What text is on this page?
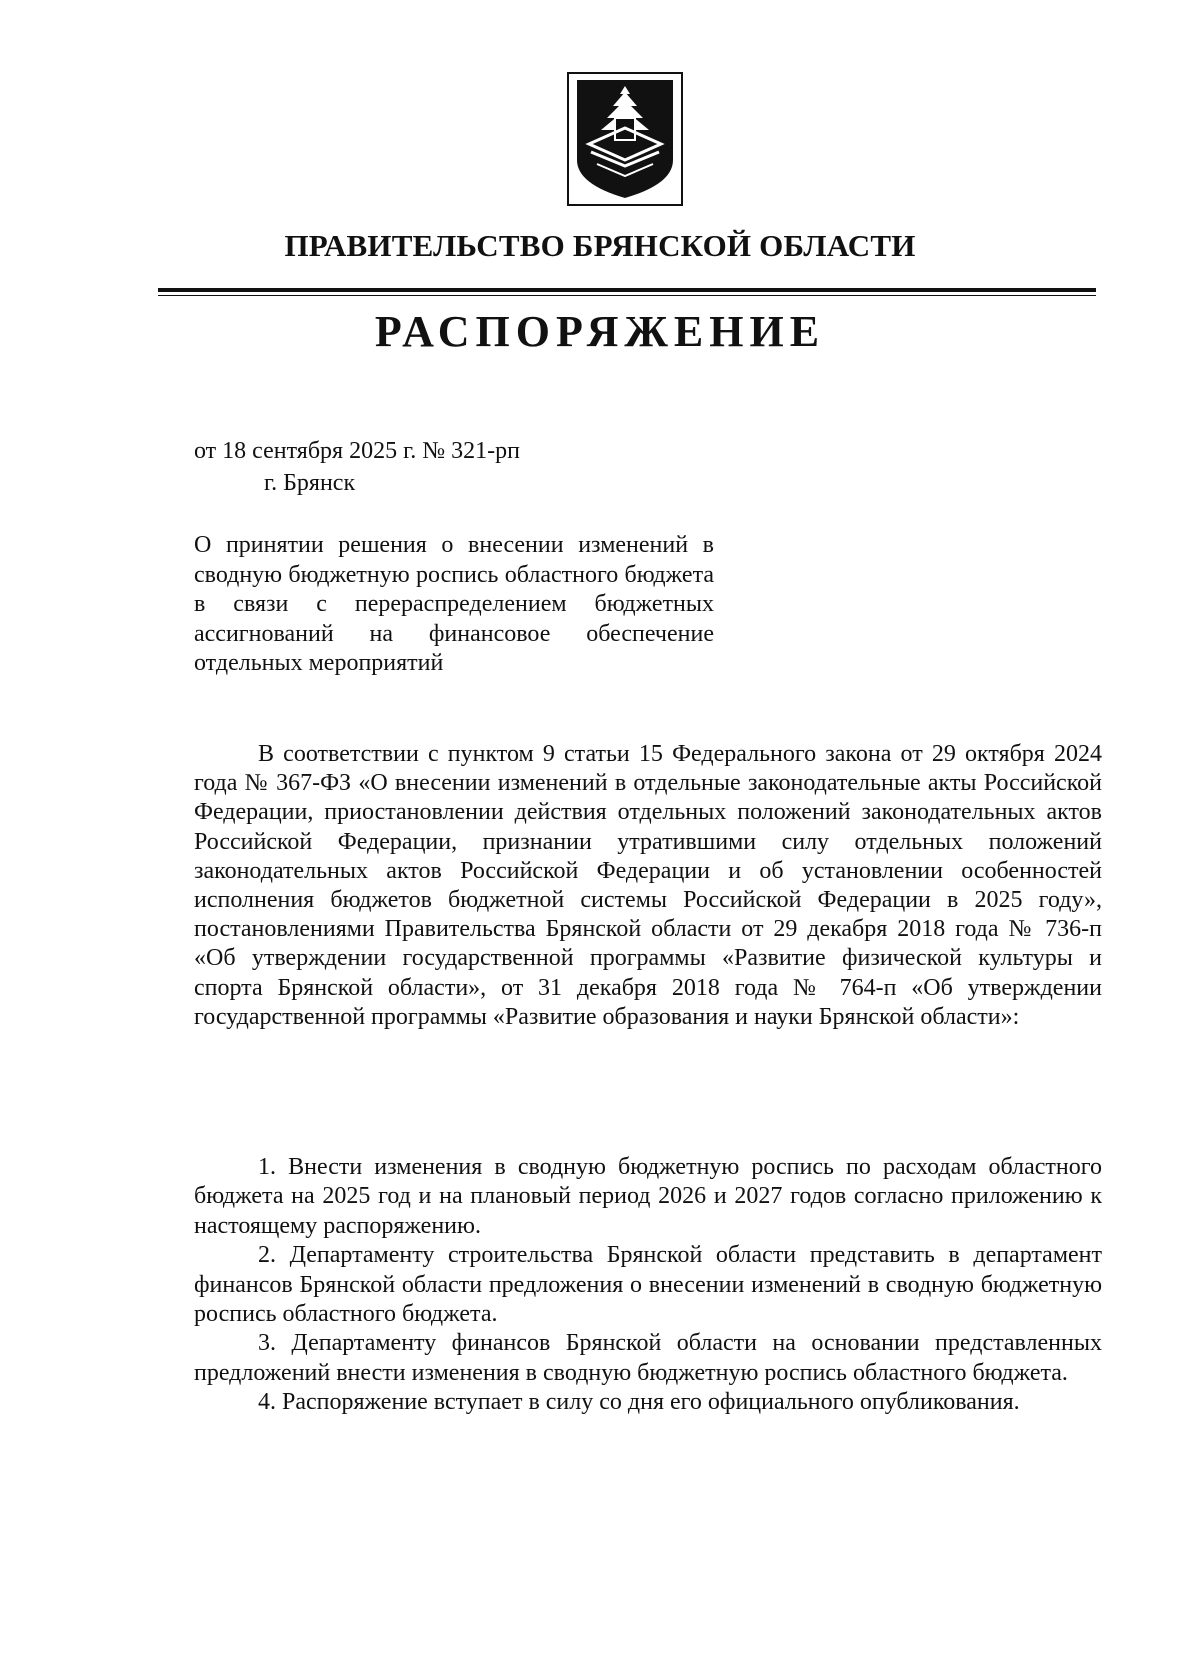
ПРАВИТЕЛЬСТВО БРЯНСКОЙ ОБЛАСТИ
РАСПОРЯЖЕНИЕ
от 18 сентября 2025 г. № 321-рп
г. Брянск
О принятии решения о внесении изменений в сводную бюджетную роспись областного бюджета в связи с перераспределением бюджетных ассигнований на финансовое обеспечение отдельных мероприятий
В соответствии с пунктом 9 статьи 15 Федерального закона от 29 октября 2024 года № 367-ФЗ «О внесении изменений в отдельные законодательные акты Российской Федерации, приостановлении действия отдельных положений законодательных актов Российской Федерации, признании утратившими силу отдельных положений законодательных актов Российской Федерации и об установлении особенностей исполнения бюджетов бюджетной системы Российской Федерации в 2025 году», постановлениями Правительства Брянской области от 29 декабря 2018 года № 736-п «Об утверждении государственной программы «Развитие физической культуры и спорта Брянской области», от 31 декабря 2018 года № 764-п «Об утверждении государственной программы «Развитие образования и науки Брянской области»:

1. Внести изменения в сводную бюджетную роспись по расходам областного бюджета на 2025 год и на плановый период 2026 и 2027 годов согласно приложению к настоящему распоряжению.

2. Департаменту строительства Брянской области представить в департамент финансов Брянской области предложения о внесении изменений в сводную бюджетную роспись областного бюджета.

3. Департаменту финансов Брянской области на основании представленных предложений внести изменения в сводную бюджетную роспись областного бюджета.

4. Распоряжение вступает в силу со дня его официального опубликования.
